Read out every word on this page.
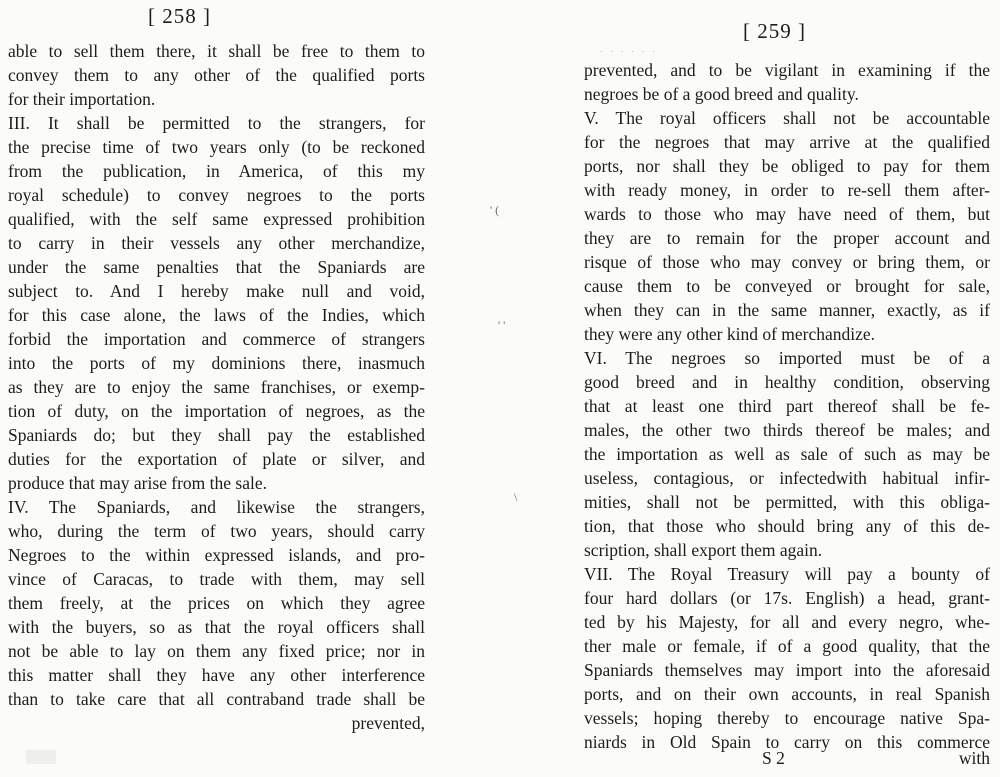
[ 258 ]
able to sell them there, it shall be free to them to
convey them to any other of the qualified ports
for their importation.
III. It shall be permitted to the strangers, for
the precise time of two years only (to be reckoned
from the publication, in America, of this my
royal schedule) to convey negroes to the ports
qualified, with the self same expressed prohibition
to carry in their vessels any other merchandize,
under the same penalties that the Spaniards are
subject to. And I hereby make null and void,
for this case alone, the laws of the Indies, which
forbid the importation and commerce of strangers
into the ports of my dominions there, inasmuch
as they are to enjoy the same franchises, or exemp-
tion of duty, on the importation of negroes, as the
Spaniards do; but they shall pay the established
duties for the exportation of plate or silver, and
produce that may arise from the sale.
IV. The Spaniards, and likewise the strangers,
who, during the term of two years, should carry
Negroes to the within expressed islands, and pro-
vince of Caracas, to trade with them, may sell
them freely, at the prices on which they agree
with the buyers, so as that the royal officers shall
not be able to lay on them any fixed price; nor in
this matter shall they have any other interference
than to take care that all contraband trade shall be
prevented,
' (
' '
\
. . . . . .
[ 259 ]
prevented, and to be vigilant in examining if the
negroes be of a good breed and quality.
V. The royal officers shall not be accountable
for the negroes that may arrive at the qualified
ports, nor shall they be obliged to pay for them
with ready money, in order to re-sell them after-
wards to those who may have need of them, but
they are to remain for the proper account and
risque of those who may convey or bring them, or
cause them to be conveyed or brought for sale,
when they can in the same manner, exactly, as if
they were any other kind of merchandize.
VI. The negroes so imported must be of a
good breed and in healthy condition, observing
that at least one third part thereof shall be fe-
males, the other two thirds thereof be males; and
the importation as well as sale of such as may be
useless, contagious, or infectedwith habitual infir-
mities, shall not be permitted, with this obliga-
tion, that those who should bring any of this de-
scription, shall export them again.
VII. The Royal Treasury will pay a bounty of
four hard dollars (or 17s. English) a head, grant-
ted by his Majesty, for all and every negro, whe-
ther male or female, if of a good quality, that the
Spaniards themselves may import into the aforesaid
ports, and on their own accounts, in real Spanish
vessels; hoping thereby to encourage native Spa-
niards in Old Spain to carry on this commerce
S 2	with
